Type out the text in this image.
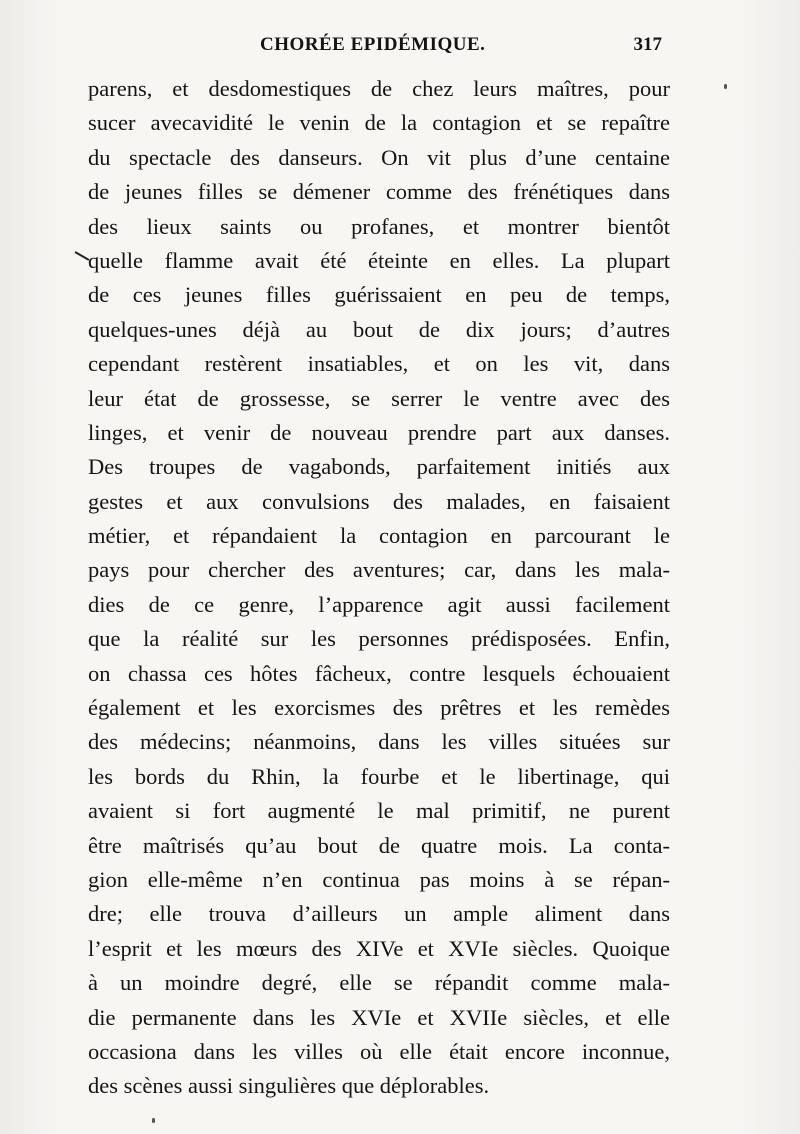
CHORÉE EPIDÉMIQUE.	317
parens, et desdomestiques de chez leurs maîtres, pour
sucer avecavidité le venin de la contagion et se repaître
du spectacle des danseurs. On vit plus d’une centaine
de jeunes filles se démener comme des frénétiques dans
des lieux saints ou profanes, et montrer bientôt
quelle flamme avait été éteinte en elles. La plupart
de ces jeunes filles guérissaient en peu de temps,
quelques-unes déjà au bout de dix jours; d’autres
cependant restèrent insatiables, et on les vit, dans
leur état de grossesse, se serrer le ventre avec des
linges, et venir de nouveau prendre part aux danses.
Des troupes de vagabonds, parfaitement initiés aux
gestes et aux convulsions des malades, en faisaient
métier, et répandaient la contagion en parcourant le
pays pour chercher des aventures; car, dans les mala-
dies de ce genre, l’apparence agit aussi facilement
que la réalité sur les personnes prédisposées. Enfin,
on chassa ces hôtes fâcheux, contre lesquels échouaient
également et les exorcismes des prêtres et les remèdes
des médecins; néanmoins, dans les villes situées sur
les bords du Rhin, la fourbe et le libertinage, qui
avaient si fort augmenté le mal primitif, ne purent
être maîtrisés qu’au bout de quatre mois. La conta-
gion elle-même n’en continua pas moins à se répan-
dre; elle trouva d’ailleurs un ample aliment dans
l’esprit et les mœurs des XIVe et XVIe siècles. Quoique
à un moindre degré, elle se répandit comme mala-
die permanente dans les XVIe et XVIIe siècles, et elle
occasiona dans les villes où elle était encore inconnue,
des scènes aussi singulières que déplorables.
